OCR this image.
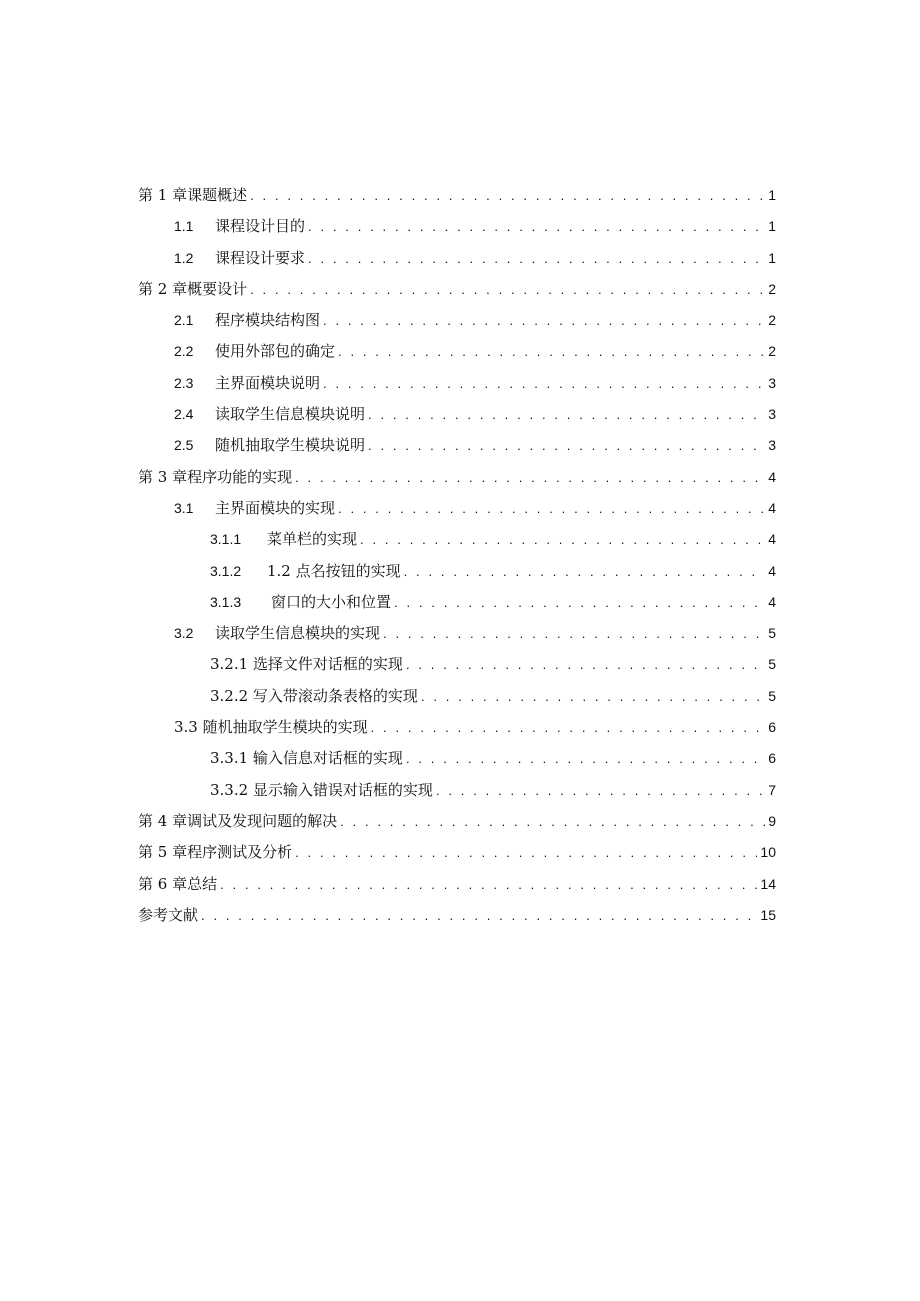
第 1 章课题概述 . . .	1
1.1	课程设计目的 . . .	1
1.2	课程设计要求 . . .	1
第 2 章概要设计 . . .	2
2.1	程序模块结构图 . . .	2
2.2	使用外部包的确定 . . .	2
2.3	主界面模块说明 . . .	3
2.4	读取学生信息模块说明 . . .	3
2.5	随机抽取学生模块说明 . . .	3
第 3 章程序功能的实现 . . .	4
3.1	主界面模块的实现 . . .	4
3.1.1	菜单栏的实现 . . .	4
3.1.2	1.2 点名按钮的实现 . . .	4
3.1.3	窗口的大小和位置 . . .	4
3.2	读取学生信息模块的实现 . . .	5
3.2.1 选择文件对话框的实现 . . .	5
3.2.2 写入带滚动条表格的实现 . . .	5
3.3 随机抽取学生模块的实现 . . .	6
3.3.1 输入信息对话框的实现 . . .	6
3.3.2 显示输入错误对话框的实现 . . .	7
第 4 章调试及发现问题的解决 . . .	9
第 5 章程序测试及分析 . . .	10
第 6 章总结 . . .	14
参考文献 . . .	15
